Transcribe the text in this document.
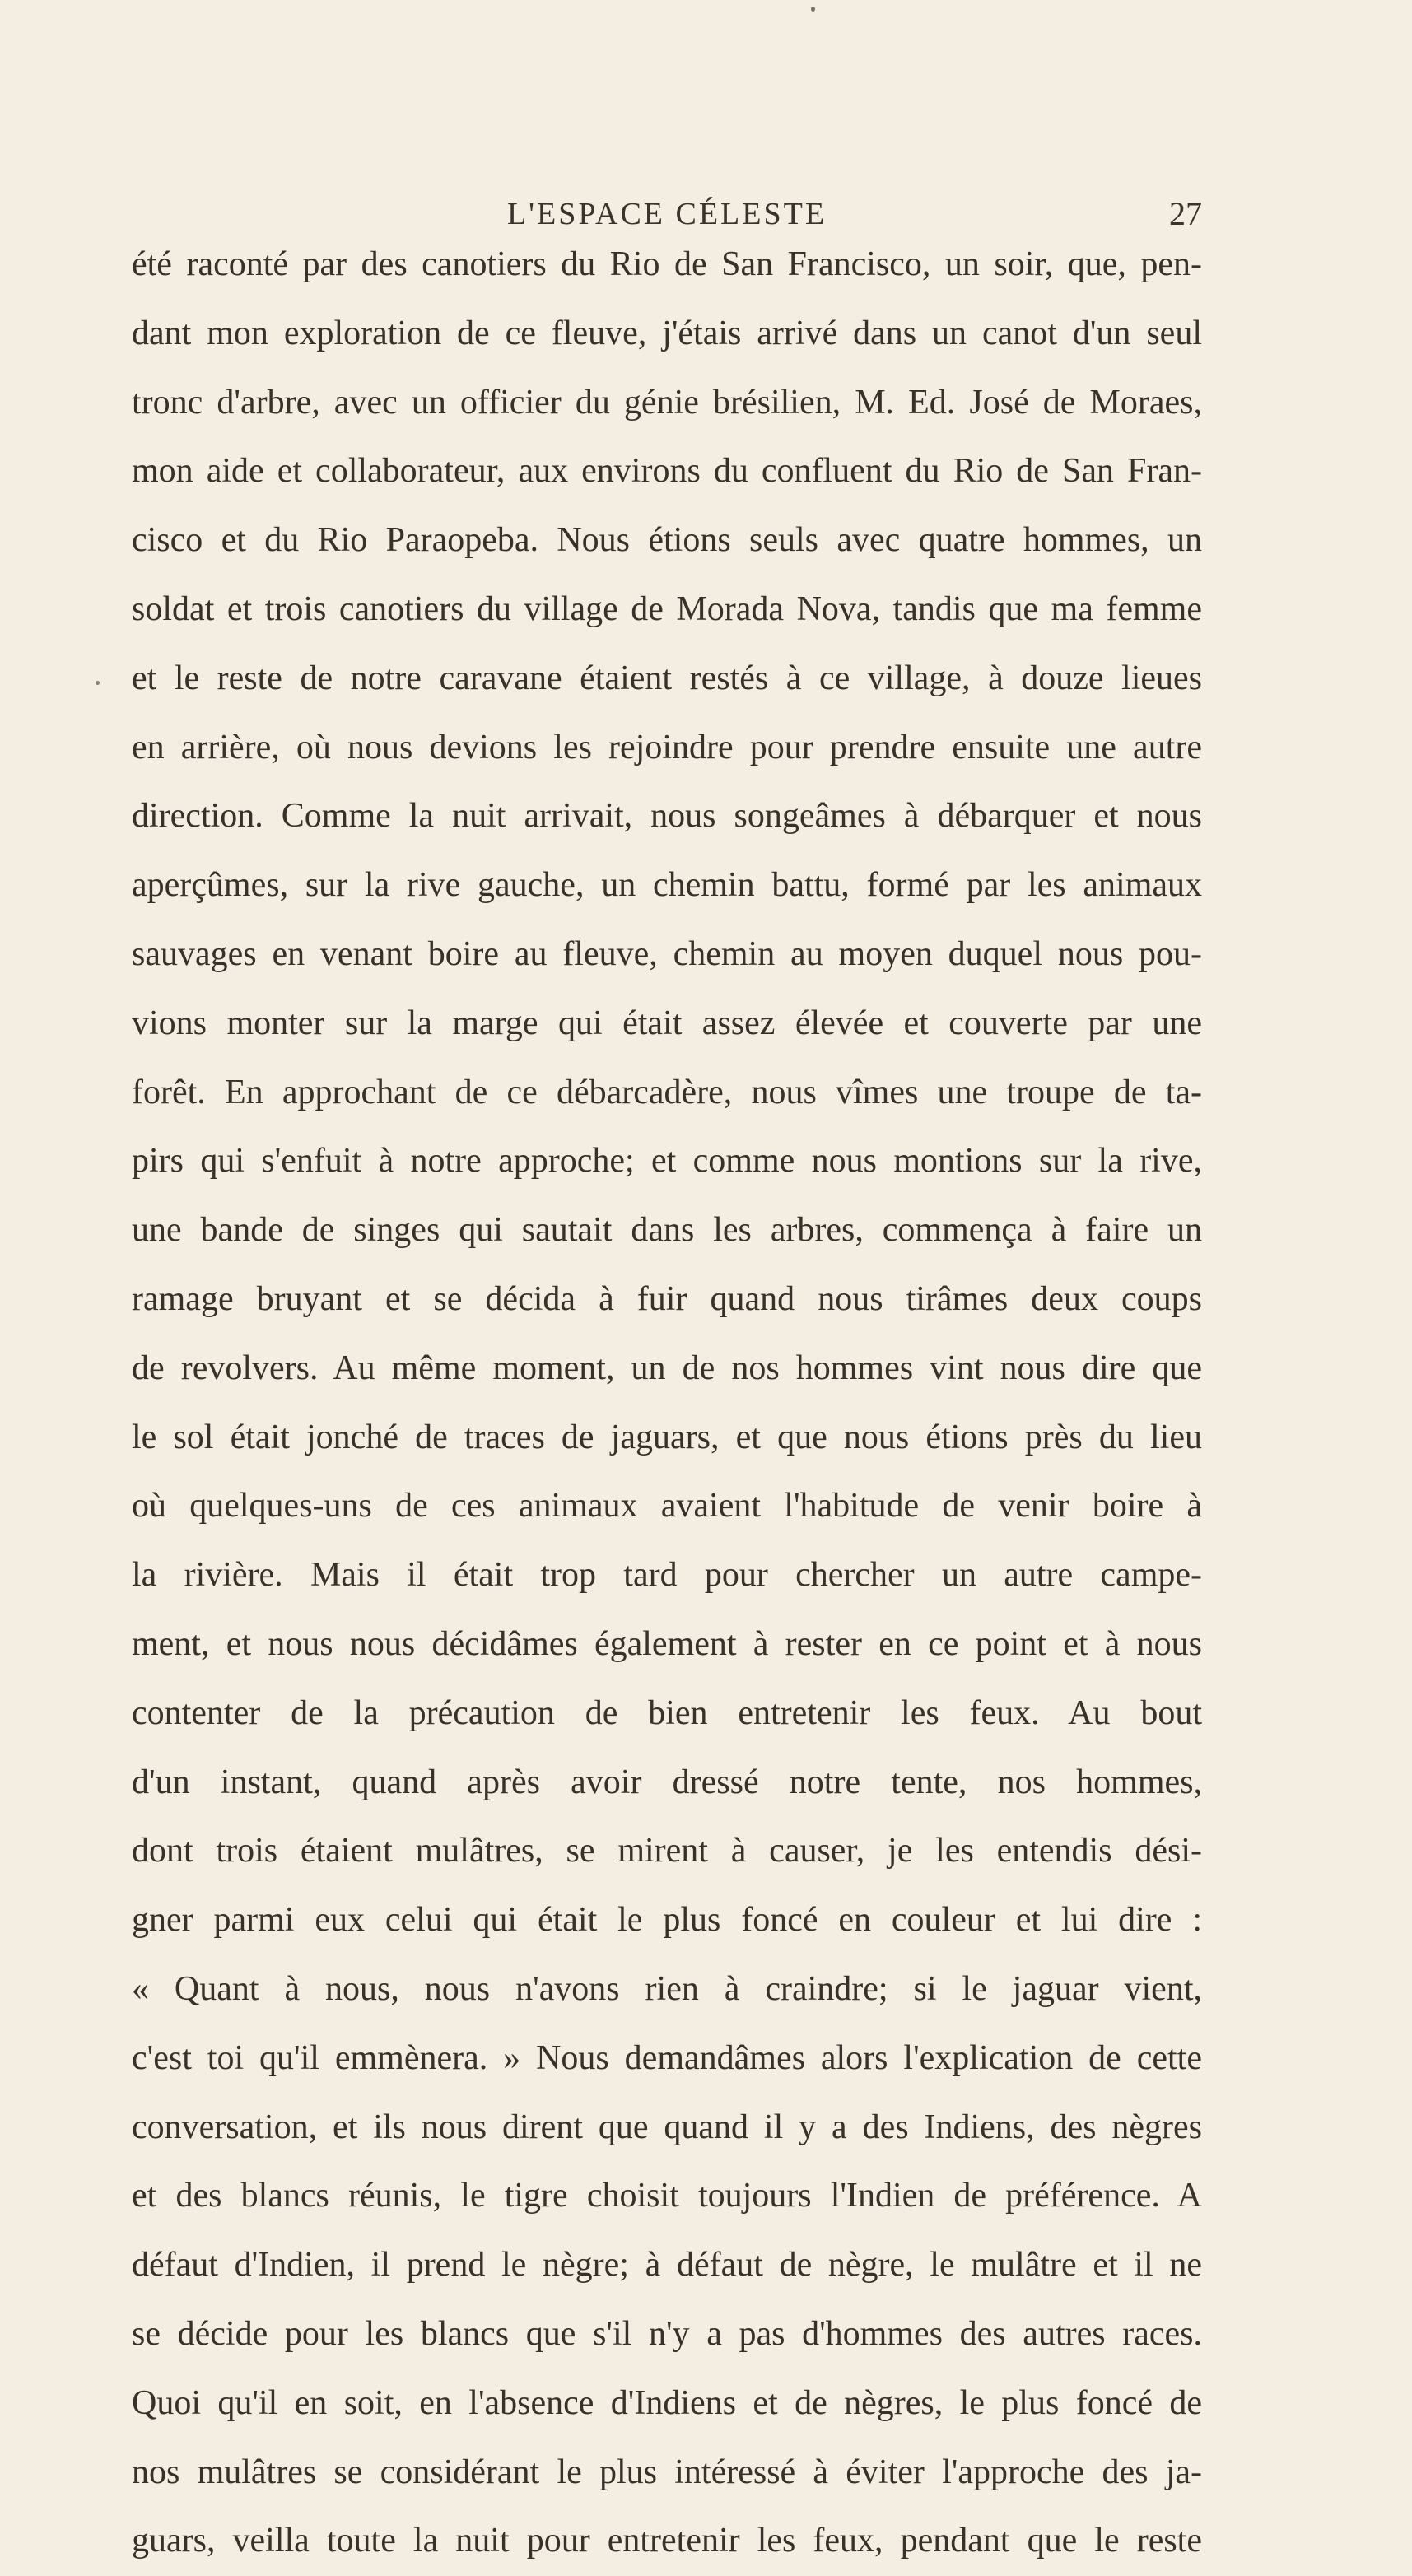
L'ESPACE CÉLESTE	27
été raconté par des canotiers du Rio de San Francisco, un soir, que, pen-
dant mon exploration de ce fleuve, j'étais arrivé dans un canot d'un seul
tronc d'arbre, avec un officier du génie brésilien, M. Ed. José de Moraes,
mon aide et collaborateur, aux environs du confluent du Rio de San Fran-
cisco et du Rio Paraopeba. Nous étions seuls avec quatre hommes, un
soldat et trois canotiers du village de Morada Nova, tandis que ma femme
et le reste de notre caravane étaient restés à ce village, à douze lieues
en arrière, où nous devions les rejoindre pour prendre ensuite une autre
direction. Comme la nuit arrivait, nous songeâmes à débarquer et nous
aperçûmes, sur la rive gauche, un chemin battu, formé par les animaux
sauvages en venant boire au fleuve, chemin au moyen duquel nous pou-
vions monter sur la marge qui était assez élevée et couverte par une
forêt. En approchant de ce débarcadère, nous vîmes une troupe de ta-
pirs qui s'enfuit à notre approche; et comme nous montions sur la rive,
une bande de singes qui sautait dans les arbres, commença à faire un
ramage bruyant et se décida à fuir quand nous tirâmes deux coups
de revolvers. Au même moment, un de nos hommes vint nous dire que
le sol était jonché de traces de jaguars, et que nous étions près du lieu
où quelques-uns de ces animaux avaient l'habitude de venir boire à
la rivière. Mais il était trop tard pour chercher un autre campe-
ment, et nous nous décidâmes également à rester en ce point et à nous
contenter de la précaution de bien entretenir les feux. Au bout
d'un instant, quand après avoir dressé notre tente, nos hommes,
dont trois étaient mulâtres, se mirent à causer, je les entendis dési-
gner parmi eux celui qui était le plus foncé en couleur et lui dire :
« Quant à nous, nous n'avons rien à craindre; si le jaguar vient,
c'est toi qu'il emmènera. » Nous demandâmes alors l'explication de cette
conversation, et ils nous dirent que quand il y a des Indiens, des nègres
et des blancs réunis, le tigre choisit toujours l'Indien de préférence. A
défaut d'Indien, il prend le nègre; à défaut de nègre, le mulâtre et il ne
se décide pour les blancs que s'il n'y a pas d'hommes des autres races.
Quoi qu'il en soit, en l'absence d'Indiens et de nègres, le plus foncé de
nos mulâtres se considérant le plus intéressé à éviter l'approche des ja-
guars, veilla toute la nuit pour entretenir les feux, pendant que le reste
